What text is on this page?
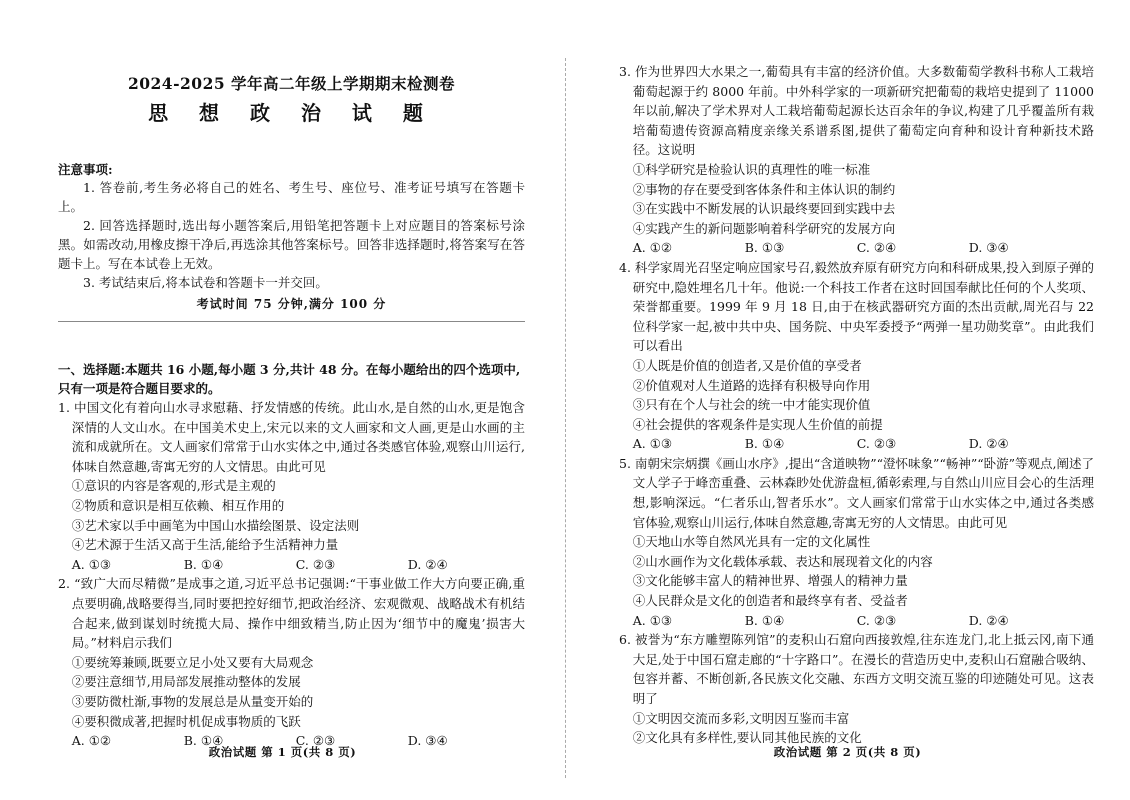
2024-2025 学年高二年级上学期期末检测卷
思 想 政 治 试 题
注意事项:
1. 答卷前,考生务必将自己的姓名、考生号、座位号、准考证号填写在答题卡上。
2. 回答选择题时,选出每小题答案后,用铅笔把答题卡上对应题目的答案标号涂黑。如需改动,用橡皮擦干净后,再选涂其他答案标号。回答非选择题时,将答案写在答题卡上。写在本试卷上无效。
3. 考试结束后,将本试卷和答题卡一并交回。
考试时间 75 分钟,满分 100 分
一、选择题:本题共 16 小题,每小题 3 分,共计 48 分。在每小题给出的四个选项中,只有一项是符合题目要求的。
1. 中国文化有着向山水寻求慰藉、抒发情感的传统。此山水,是自然的山水,更是饱含深情的人文山水。在中国美术史上,宋元以来的文人画家和文人画,更是山水画的主流和成就所在。文人画家们常常于山水实体之中,通过各类感官体验,观察山川运行,体味自然意趣,寄寓无穷的人文情思。由此可见
①意识的内容是客观的,形式是主观的
②物质和意识是相互依赖、相互作用的
③艺术家以手中画笔为中国山水描绘图景、设定法则
④艺术源于生活又高于生活,能给予生活精神力量
A. ①③	B. ①④	C. ②③	D. ②④
2. “致广大而尽精微”是成事之道,习近平总书记强调:“干事业做工作大方向要正确,重点要明确,战略要得当,同时要把控好细节,把政治经济、宏观微观、战略战术有机结合起来,做到谋划时统揽大局、操作中细致精当,防止因为‘细节中的魔鬼’损害大局。”材料启示我们
①要统筹兼顾,既要立足小处又要有大局观念
②要注意细节,用局部发展推动整体的发展
③要防微杜渐,事物的发展总是从量变开始的
④要积微成著,把握时机促成事物质的飞跃
A. ①②	B. ①④	C. ②③	D. ③④
政治试题 第 1 页(共 8 页)
3. 作为世界四大水果之一,葡萄具有丰富的经济价值。大多数葡萄学教科书称人工栽培葡萄起源于约 8000 年前。中外科学家的一项新研究把葡萄的栽培史提到了 11000 年以前,解决了学术界对人工栽培葡萄起源长达百余年的争议,构建了几乎覆盖所有栽培葡萄遗传资源高精度亲缘关系谱系图,提供了葡萄定向育种和设计育种新技术路径。这说明
①科学研究是检验认识的真理性的唯一标准
②事物的存在要受到客体条件和主体认识的制约
③在实践中不断发展的认识最终要回到实践中去
④实践产生的新问题影响着科学研究的发展方向
A. ①②	B. ①③	C. ②④	D. ③④
4. 科学家周光召坚定响应国家号召,毅然放弃原有研究方向和科研成果,投入到原子弹的研究中,隐姓埋名几十年。他说:一个科技工作者在这时回国奉献比任何的个人奖项、荣誉都重要。1999 年 9 月 18 日,由于在核武器研究方面的杰出贡献,周光召与 22 位科学家一起,被中共中央、国务院、中央军委授予“两弹一星功勋奖章”。由此我们可以看出
①人既是价值的创造者,又是价值的享受者
②价值观对人生道路的选择有积极导向作用
③只有在个人与社会的统一中才能实现价值
④社会提供的客观条件是实现人生价值的前提
A. ①③	B. ①④	C. ②③	D. ②④
5. 南朝宋宗炳撰《画山水序》,提出“含道映物”“澄怀味象”“畅神”“卧游”等观点,阐述了文人学子于峰峦重叠、云林森眇处优游盘桓,循彰索理,与自然山川应目会心的生活理想,影响深远。“仁者乐山,智者乐水”。文人画家们常常于山水实体之中,通过各类感官体验,观察山川运行,体味自然意趣,寄寓无穷的人文情思。由此可见
①天地山水等自然风光具有一定的文化属性
②山水画作为文化载体承载、表达和展现着文化的内容
③文化能够丰富人的精神世界、增强人的精神力量
④人民群众是文化的创造者和最终享有者、受益者
A. ①③	B. ①④	C. ②③	D. ②④
6. 被誉为“东方雕塑陈列馆”的麦积山石窟向西接敦煌,往东连龙门,北上抵云冈,南下通大足,处于中国石窟走廊的“十字路口”。在漫长的营造历史中,麦积山石窟融合吸纳、包容并蓄、不断创新,各民族文化交融、东西方文明交流互鉴的印迹随处可见。这表明了
①文明因交流而多彩,文明因互鉴而丰富
②文化具有多样性,要认同其他民族的文化
政治试题 第 2 页(共 8 页)
